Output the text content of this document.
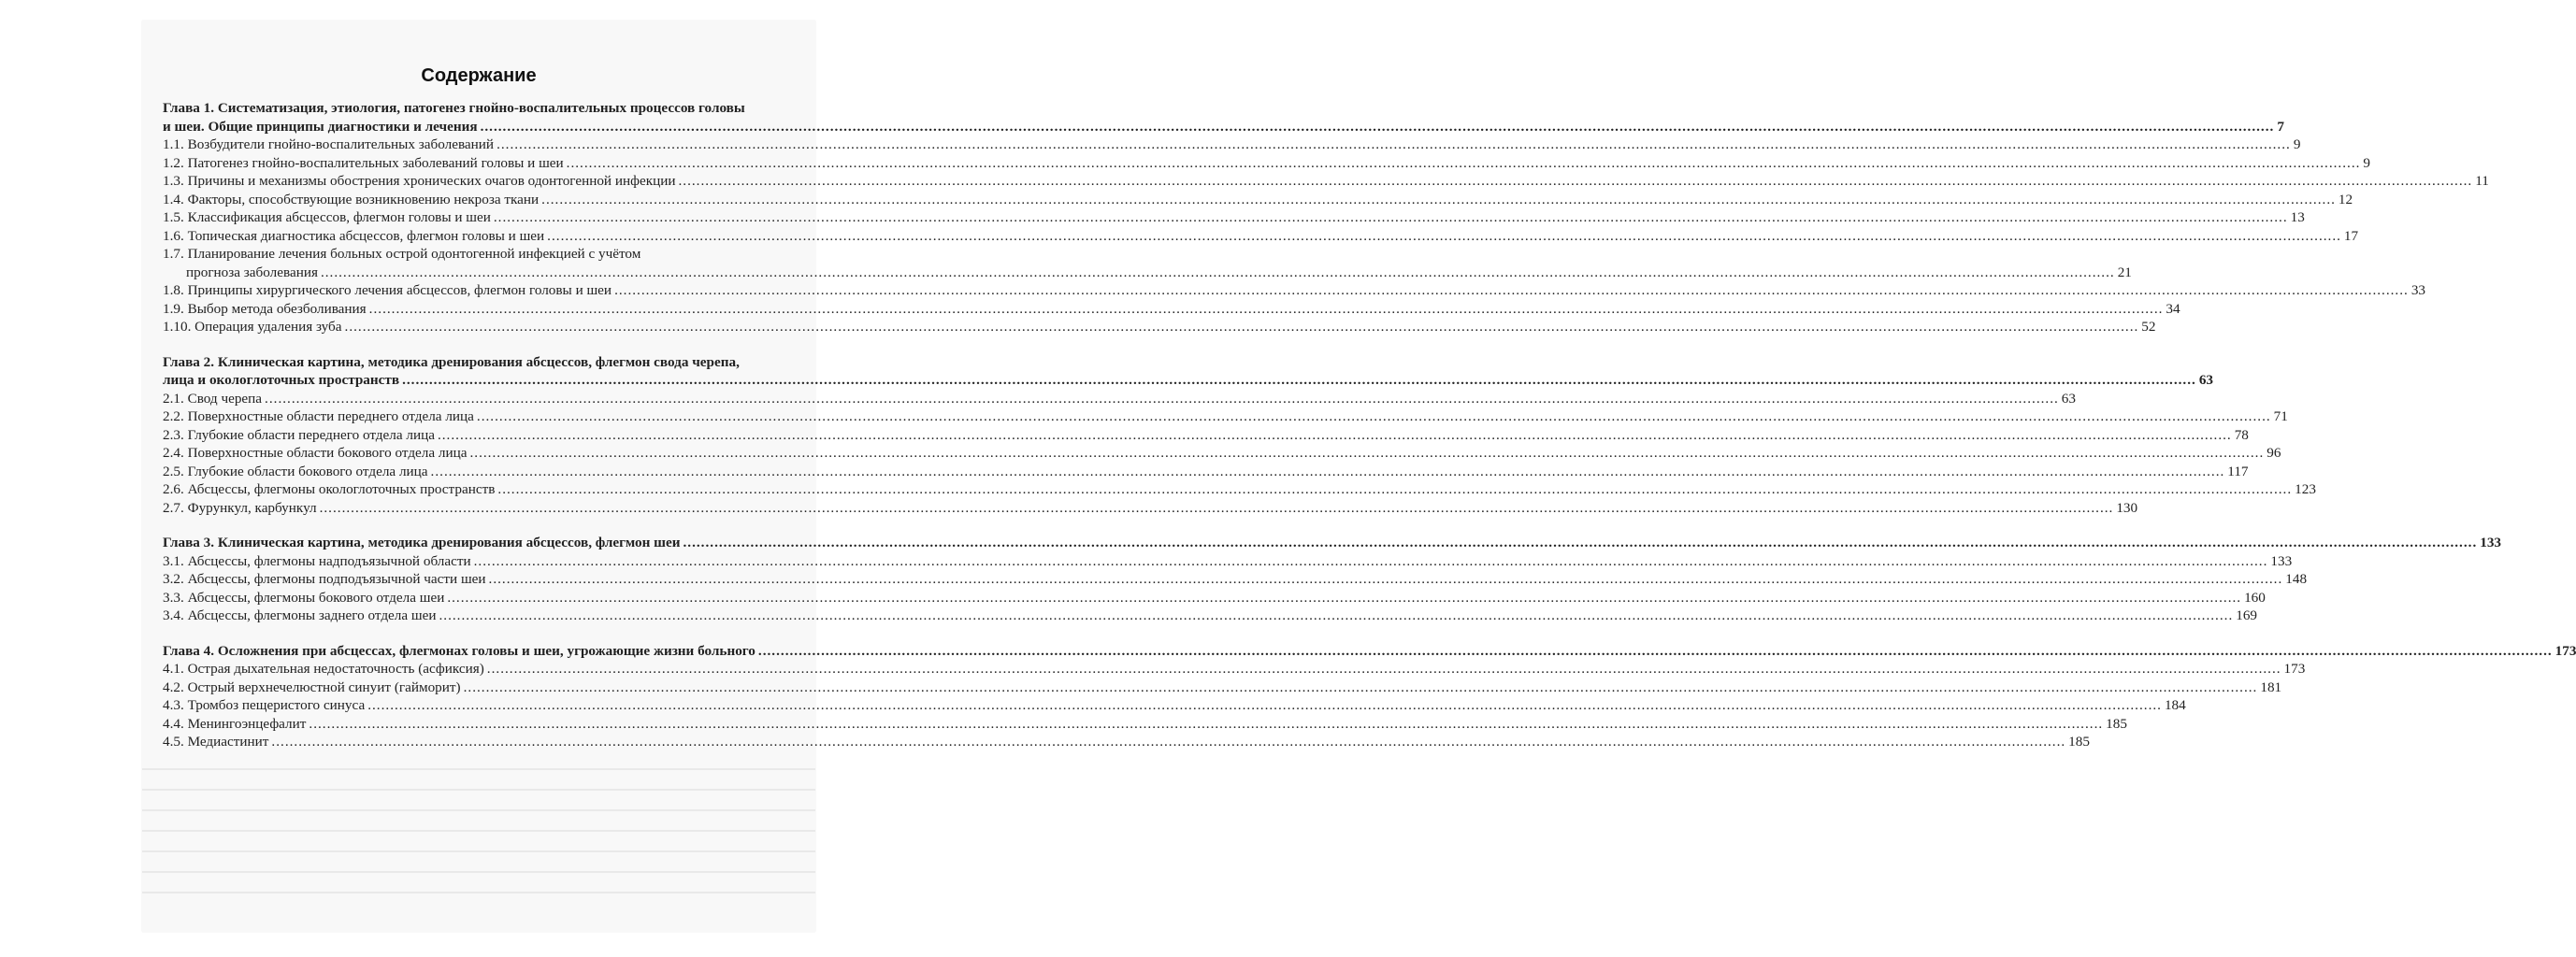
Содержание
Глава 1. Систематизация, этиология, патогенез гнойно-воспалительных процессов головы
и шеи. Общие принципы диагностики и лечения ................................................................................................................................................................................................................................................................................................................................................................................................................ 7
1.1. Возбудители гнойно-воспалительных заболеваний ................................................................................................................................................................................................................................................................................................................................................................................................................ 9
1.2. Патогенез гнойно-воспалительных заболеваний головы и шеи ................................................................................................................................................................................................................................................................................................................................................................................................................ 9
1.3. Причины и механизмы обострения хронических очагов одонтогенной инфекции ................................................................................................................................................................................................................................................................................................................................................................................................................ 11
1.4. Факторы, способствующие возникновению некроза ткани ................................................................................................................................................................................................................................................................................................................................................................................................................ 12
1.5. Классификация абсцессов, флегмон головы и шеи ................................................................................................................................................................................................................................................................................................................................................................................................................ 13
1.6. Топическая диагностика абсцессов, флегмон головы и шеи ................................................................................................................................................................................................................................................................................................................................................................................................................ 17
1.7. Планирование лечения больных острой одонтогенной инфекцией с учётом
прогноза заболевания ................................................................................................................................................................................................................................................................................................................................................................................................................ 21
1.8. Принципы хирургического лечения абсцессов, флегмон головы и шеи ................................................................................................................................................................................................................................................................................................................................................................................................................ 33
1.9. Выбор метода обезболивания ................................................................................................................................................................................................................................................................................................................................................................................................................ 34
1.10. Операция удаления зуба ................................................................................................................................................................................................................................................................................................................................................................................................................ 52
Глава 2. Клиническая картина, методика дренирования абсцессов, флегмон свода черепа,
лица и окологлоточных пространств ................................................................................................................................................................................................................................................................................................................................................................................................................ 63
2.1. Свод черепа ................................................................................................................................................................................................................................................................................................................................................................................................................ 63
2.2. Поверхностные области переднего отдела лица ................................................................................................................................................................................................................................................................................................................................................................................................................ 71
2.3. Глубокие области переднего отдела лица ................................................................................................................................................................................................................................................................................................................................................................................................................ 78
2.4. Поверхностные области бокового отдела лица ................................................................................................................................................................................................................................................................................................................................................................................................................ 96
2.5. Глубокие области бокового отдела лица ................................................................................................................................................................................................................................................................................................................................................................................................................ 117
2.6. Абсцессы, флегмоны окологлоточных пространств ................................................................................................................................................................................................................................................................................................................................................................................................................ 123
2.7. Фурункул, карбункул ................................................................................................................................................................................................................................................................................................................................................................................................................ 130
Глава 3. Клиническая картина, методика дренирования абсцессов, флегмон шеи ................................................................................................................................................................................................................................................................................................................................................................................................................ 133
3.1. Абсцессы, флегмоны надподъязычной области ................................................................................................................................................................................................................................................................................................................................................................................................................ 133
3.2. Абсцессы, флегмоны подподъязычной части шеи ................................................................................................................................................................................................................................................................................................................................................................................................................ 148
3.3. Абсцессы, флегмоны бокового отдела шеи ................................................................................................................................................................................................................................................................................................................................................................................................................ 160
3.4. Абсцессы, флегмоны заднего отдела шеи ................................................................................................................................................................................................................................................................................................................................................................................................................ 169
Глава 4. Осложнения при абсцессах, флегмонах головы и шеи, угрожающие жизни больного ................................................................................................................................................................................................................................................................................................................................................................................................................ 173
4.1. Острая дыхательная недостаточность (асфиксия) ................................................................................................................................................................................................................................................................................................................................................................................................................ 173
4.2. Острый верхнечелюстной синуит (гайморит) ................................................................................................................................................................................................................................................................................................................................................................................................................ 181
4.3. Тромбоз пещеристого синуса ................................................................................................................................................................................................................................................................................................................................................................................................................ 184
4.4. Менингоэнцефалит ................................................................................................................................................................................................................................................................................................................................................................................................................ 185
4.5. Медиастинит ................................................................................................................................................................................................................................................................................................................................................................................................................ 185
